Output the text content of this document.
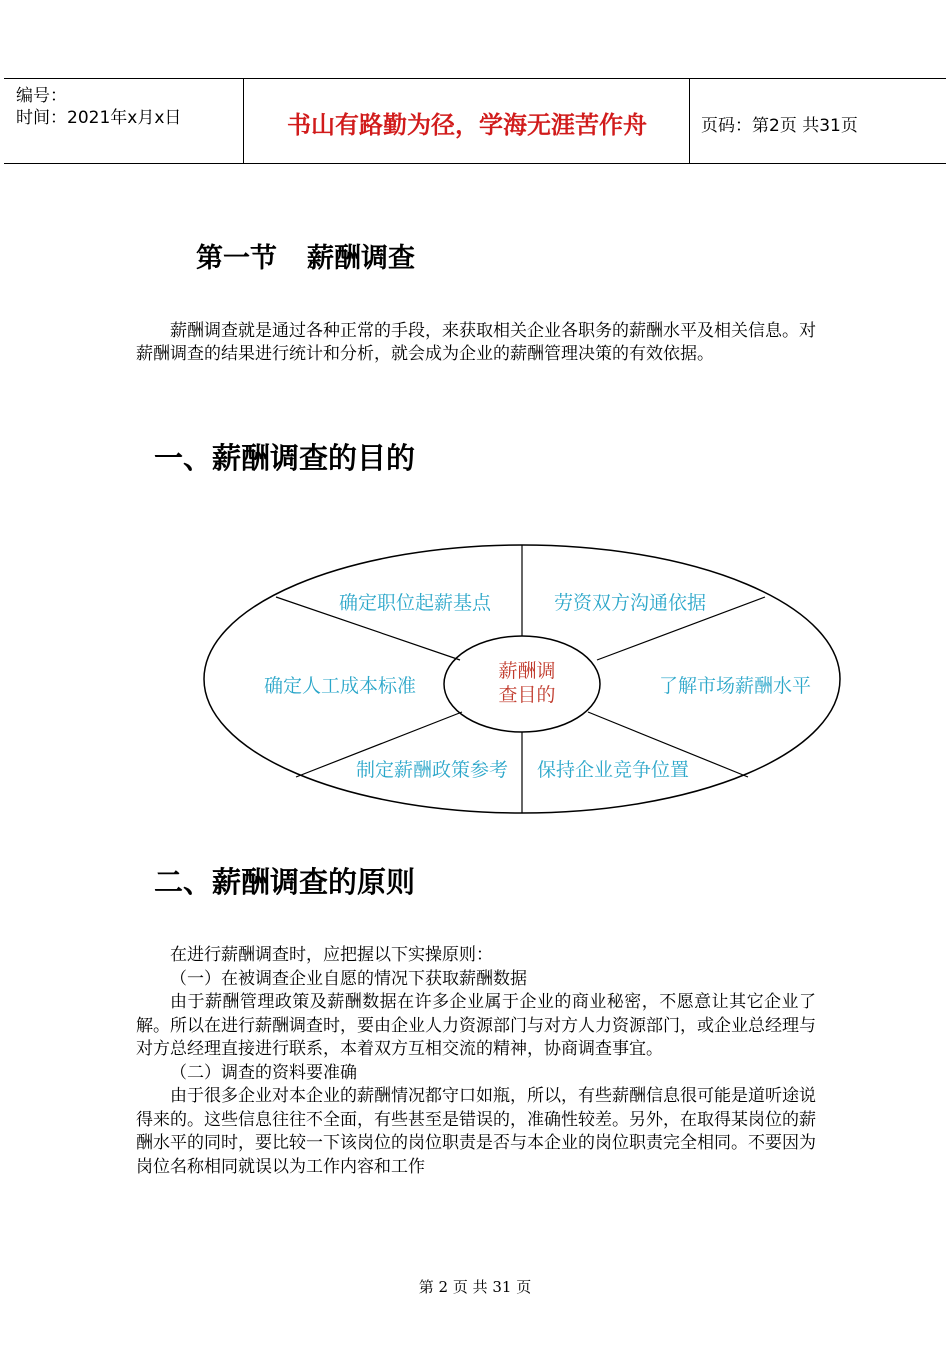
编号：
时间：2021年x月x日	书山有路勤为径，学海无涯苦作舟	页码：第2页 共31页
第一节 薪酬调查

薪酬调查就是通过各种正常的手段，来获取相关企业各职务的薪酬水平及相关信息。对薪酬调查的结果进行统计和分析，就会成为企业的薪酬管理决策的有效依据。

一、薪酬调查的目的
确定职位起薪基点	劳资双方沟通依据
确定人工成本标准	了解市场薪酬水平
制定薪酬政策参考 保持企业竞争位置
薪酬调
查目的
二、薪酬调查的原则

在进行薪酬调查时，应把握以下实操原则：

（一）在被调查企业自愿的情况下获取薪酬数据

由于薪酬管理政策及薪酬数据在许多企业属于企业的商业秘密，不愿意让其它企业了解。所以在进行薪酬调查时，要由企业人力资源部门与对方人力资源部门，或企业总经理与对方总经理直接进行联系，本着双方互相交流的精神，协商调查事宜。

（二）调查的资料要准确

由于很多企业对本企业的薪酬情况都守口如瓶，所以，有些薪酬信息很可能是道听途说得来的。这些信息往往不全面，有些甚至是错误的，准确性较差。另外，在取得某岗位的薪酬水平的同时，要比较一下该岗位的岗位职责是否与本企业的岗位职责完全相同。不要因为岗位名称相同就误以为工作内容和工作

第 2 页 共 31 页
